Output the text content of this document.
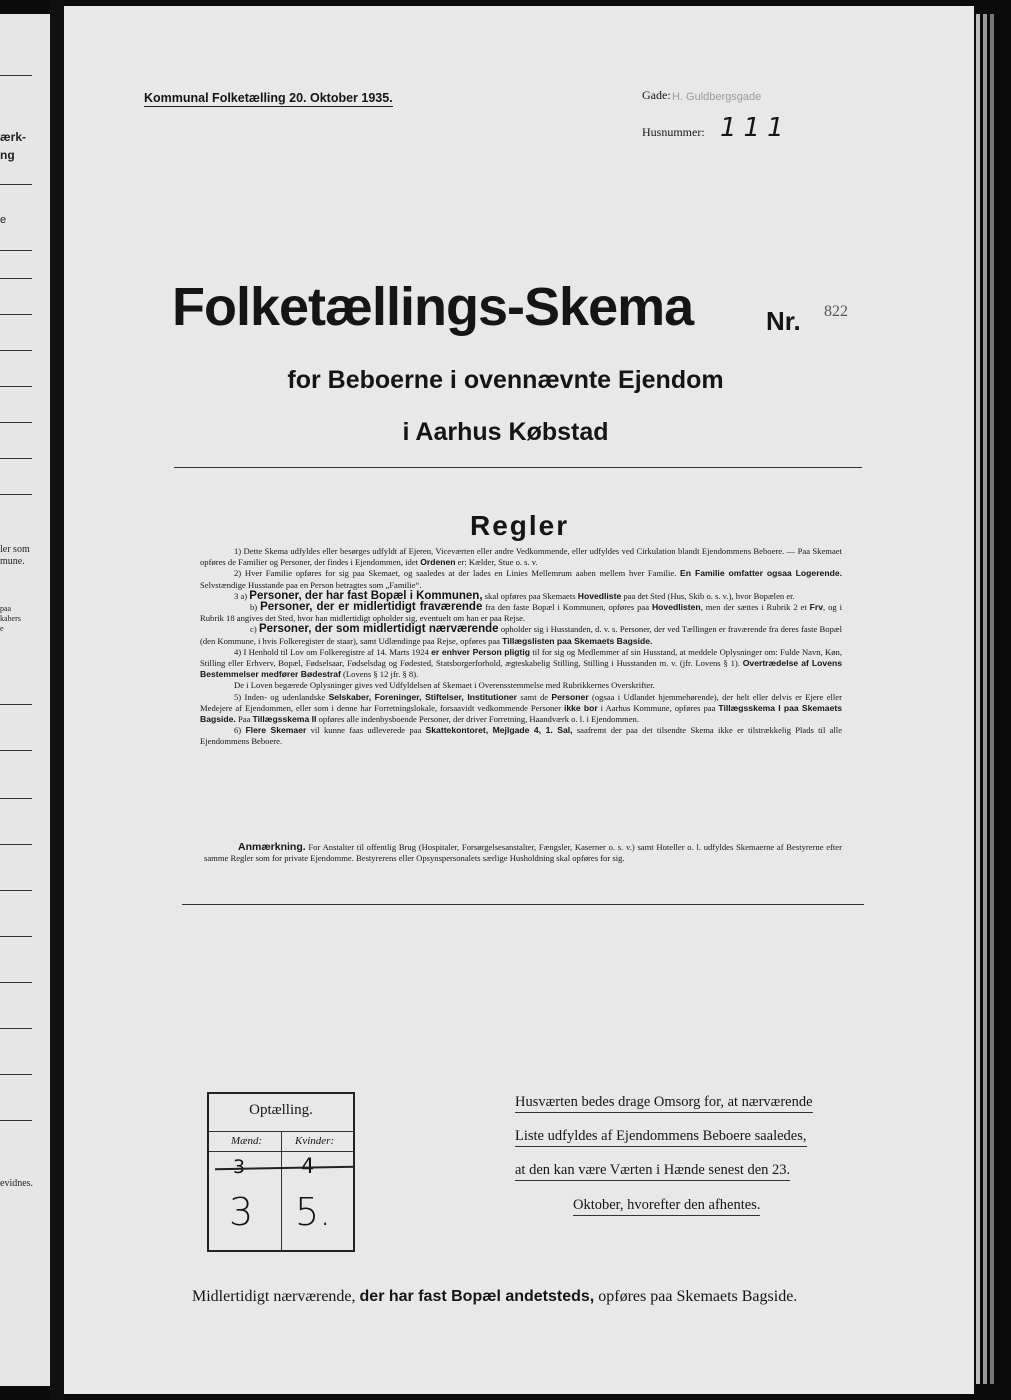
ærk-
ng
e
ler som
mune.
paa
kabers
e
evidnes.
Kommunal Folketælling 20. Oktober 1935.	Gade: H. Guldbergsgade
Husnummer: 111
Folketællings-Skema	Nr. 822
for Beboerne i ovennævnte Ejendom
i Aarhus Købstad
Regler

1) Dette Skema udfyldes eller besørges udfyldt af Ejeren, Viceværten eller andre Vedkommende, eller udfyldes ved Cirkulation blandt Ejendommens Beboere. — Paa Skemaet opføres de Familier og Personer, der findes i Ejendommen, idet Ordenen er: Kælder, Stue o. s. v.

2) Hver Familie opføres for sig paa Skemaet, og saaledes at der lades en Linies Mellemrum aaben mellem hver Familie. En Familie omfatter ogsaa Logerende. Selvstændige Husstande paa en Person betragtes som „Familie“.

3 a) Personer, der har fast Bopæl i Kommunen, skal opføres paa Skemaets Hovedliste paa det Sted (Hus, Skib o. s. v.), hvor Bopælen er.

b) Personer, der er midlertidigt fraværende fra den faste Bopæl i Kommunen, opføres paa Hovedlisten, men der sættes i Rubrik 2 et Frv, og i Rubrik 18 angives det Sted, hvor han midlertidigt opholder sig, eventuelt om han er paa Rejse.

c) Personer, der som midlertidigt nærværende opholder sig i Husstanden, d. v. s. Personer, der ved Tællingen er fraværende fra deres faste Bopæl (den Kommune, i hvis Folkeregister de staar), samt Udlændinge paa Rejse, opføres paa Tillægslisten paa Skemaets Bagside.

4) I Henhold til Lov om Folkeregistre af 14. Marts 1924 er enhver Person pligtig til for sig og Medlemmer af sin Husstand, at meddele Oplysninger om: Fulde Navn, Køn, Stilling eller Erhverv, Bopæl, Fødselsaar, Fødselsdag og Fødested, Statsborgerforhold, ægteskabelig Stilling, Stilling i Husstanden m. v. (jfr. Lovens § 1). Overtrædelse af Lovens Bestemmelser medfører Bødestraf (Lovens § 12 jfr. § 8).

De i Loven begærede Oplysninger gives ved Udfyldelsen af Skemaet i Overensstemmelse med Rubrikkernes Overskrifter.

5) Inden- og udenlandske Selskaber, Foreninger, Stiftelser, Institutioner samt de Personer (ogsaa i Udlandet hjemmehørende), der helt eller delvis er Ejere eller Medejere af Ejendommen, eller som i denne har Forretningslokale, forsaavidt vedkommende Personer ikke bor i Aarhus Kommune, opføres paa Tillægsskema I paa Skemaets Bagside. Paa Tillægsskema II opføres alle indenbysboende Personer, der driver Forretning, Haandværk o. l. i Ejendommen.

6) Flere Skemaer vil kunne faas udleverede paa Skattekontoret, Mejlgade 4, 1. Sal, saafremt der paa det tilsendte Skema ikke er tilstrækkelig Plads til alle Ejendommens Beboere.

Anmærkning. For Anstalter til offentlig Brug (Hospitaler, Forsørgelsesanstalter, Fængsler, Kaserner o. s. v.) samt Hoteller o. l. udfyldes Skemaerne af Bestyrerne efter samme Regler som for private Ejendomme. Bestyrerens eller Opsynspersonalets særlige Husholdning skal opføres for sig.

Optælling.
Mænd:	Kvinder:
3 5.
Husværten bedes drage Omsorg for, at nærværende
Liste udfyldes af Ejendommens Beboere saaledes,
at den kan være Værten i Hænde senest den 23.
Oktober, hvorefter den afhentes.
Midlertidigt nærværende, der har fast Bopæl andetsteds, opføres paa Skemaets Bagside.
